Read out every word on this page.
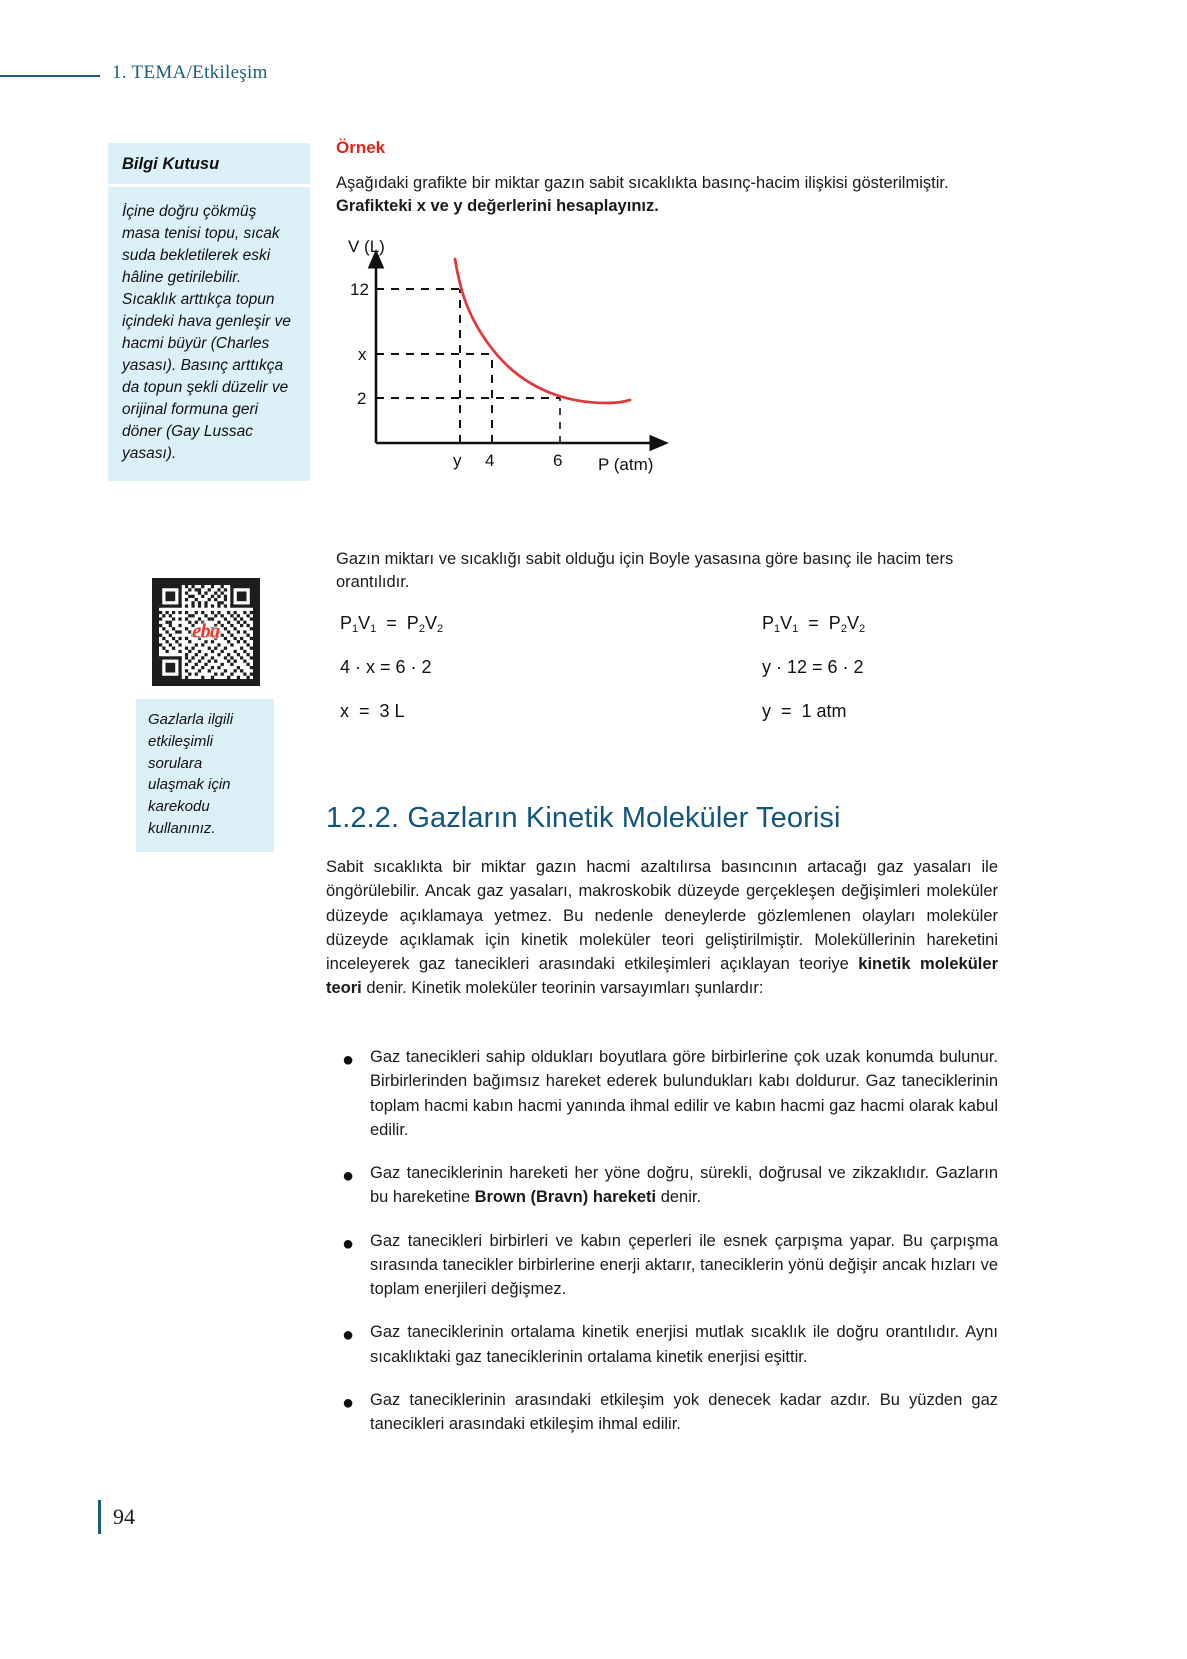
1. TEMA/Etkileşim
Bilgi Kutusu
İçine doğru çökmüş masa tenisi topu, sıcak suda bekletilerek eski hâline getirilebilir. Sıcaklık arttıkça topun içindeki hava genleşir ve hacmi büyür (Charles yasası). Basınç arttıkça da topun şekli düzelir ve orijinal formuna geri döner (Gay Lussac yasası).
eba
Gazlarla ilgili etkileşimli sorulara ulaşmak için karekodu kullanınız.
94
Örnek
Aşağıdaki grafikte bir miktar gazın sabit sıcaklıkta basınç-hacim ilişkisi gösterilmiştir. Grafikteki x ve y değerlerini hesaplayınız.
V (L)
12
x
2
y 4	6 P (atm)
Gazın miktarı ve sıcaklığı sabit olduğu için Boyle yasasına göre basınç ile hacim ters orantılıdır.
$P_1V_1 = P_2V_2$	$P_1V_1 = P_2V_2$
4 · x = 6 · 2	y · 12 = 6 · 2
x  =  3 L	y  =  1 atm
1.2.2. Gazların Kinetik Moleküler Teorisi
Sabit sıcaklıkta bir miktar gazın hacmi azaltılırsa basıncının artacağı gaz yasaları ile öngörülebilir. Ancak gaz yasaları, makroskobik düzeyde gerçekleşen değişimleri moleküler düzeyde açıklamaya yetmez. Bu nedenle deneylerde gözlemlenen olayları moleküler düzeyde açıklamak için kinetik moleküler teori geliştirilmiştir. Moleküllerinin hareketini inceleyerek gaz tanecikleri arasındaki etkileşimleri açıklayan teoriye kinetik moleküler teori denir. Kinetik moleküler teorinin varsayımları şunlardır:
● Gaz tanecikleri sahip oldukları boyutlara göre birbirlerine çok uzak konumda bulunur. Birbirlerinden bağımsız hareket ederek bulundukları kabı doldurur. Gaz taneciklerinin toplam hacmi kabın hacmi yanında ihmal edilir ve kabın hacmi gaz hacmi olarak kabul edilir.
● Gaz taneciklerinin hareketi her yöne doğru, sürekli, doğrusal ve zikzaklıdır. Gazların bu hareketine Brown (Bravn) hareketi denir.
● Gaz tanecikleri birbirleri ve kabın çeperleri ile esnek çarpışma yapar. Bu çarpışma sırasında tanecikler birbirlerine enerji aktarır, taneciklerin yönü değişir ancak hızları ve toplam enerjileri değişmez.
● Gaz taneciklerinin ortalama kinetik enerjisi mutlak sıcaklık ile doğru orantılıdır. Aynı sıcaklıktaki gaz taneciklerinin ortalama kinetik enerjisi eşittir.
● Gaz taneciklerinin arasındaki etkileşim yok denecek kadar azdır. Bu yüzden gaz tanecikleri arasındaki etkileşim ihmal edilir.
